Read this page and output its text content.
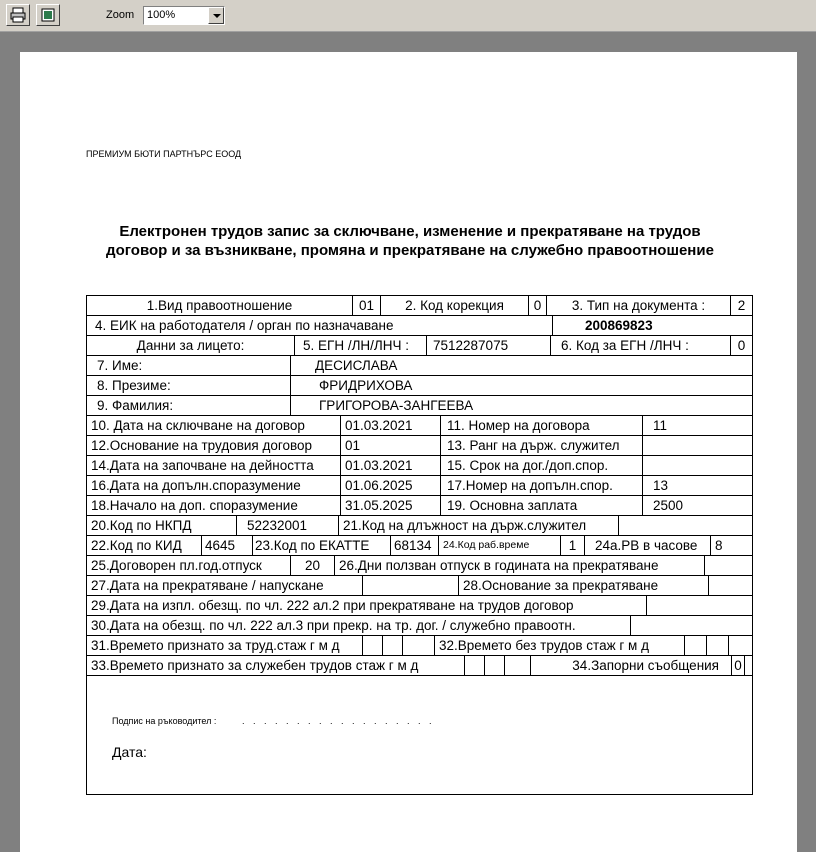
Zoom 100%
ПРЕМИУМ БЮТИ ПАРТНЪРС ЕООД
Електронен трудов запис за сключване, изменение и прекратяване на трудов
договор и за възникване, промяна и прекратяване на служебно правоотношение
1.Вид правоотношение	01	2. Код корекция	0	3. Тип на документа :	2
4. ЕИК на работодателя / орган по назначаване	200869823
Данни за лицето:	5. ЕГН /ЛН/ЛНЧ :	7512287075	6. Код за ЕГН /ЛНЧ :	0
7. Име:	ДЕСИСЛАВА
8. Презиме:	ФРИДРИХОВА
9. Фамилия:	ГРИГОРОВА-ЗАНГЕЕВА
10. Дата на сключване на договор	01.03.2021	11. Номер на договора	11
12.Основание на трудовия договор	01	13. Ранг на държ. служител
14.Дата на започване на дейността	01.03.2021	15. Срок на дог./доп.спор.
16.Дата на допълн.споразумение	01.06.2025	17.Номер на допълн.спор.	13
18.Начало на доп. споразумение	31.05.2025	19. Основна заплата	2500
20.Код по НКПД	52232001	21.Код на длъжност на държ.служител
22.Код по КИД	4645	23.Код по ЕКАТТЕ	68134	24.Код раб.време	1	24а.РВ в часове	8
25.Договорен пл.год.отпуск	20	26.Дни ползван отпуск в годината на прекратяване
27.Дата на прекратяване / напускане	28.Основание за прекратяване
29.Дата на изпл. обезщ. по чл. 222 ал.2 при прекратяване на трудов договор
30.Дата на обезщ. по чл. 222 ал.3 при прекр. на тр. дог. / служебно правоотн.
31.Времето признато за труд.стаж г м д	32.Времето без трудов стаж г м д
33.Времето признато за служебен трудов стаж г м д	34.Запорни съобщения	0
Подпис на ръководител :	. . . . . . . . . . . . . . . . . .
Дата:
